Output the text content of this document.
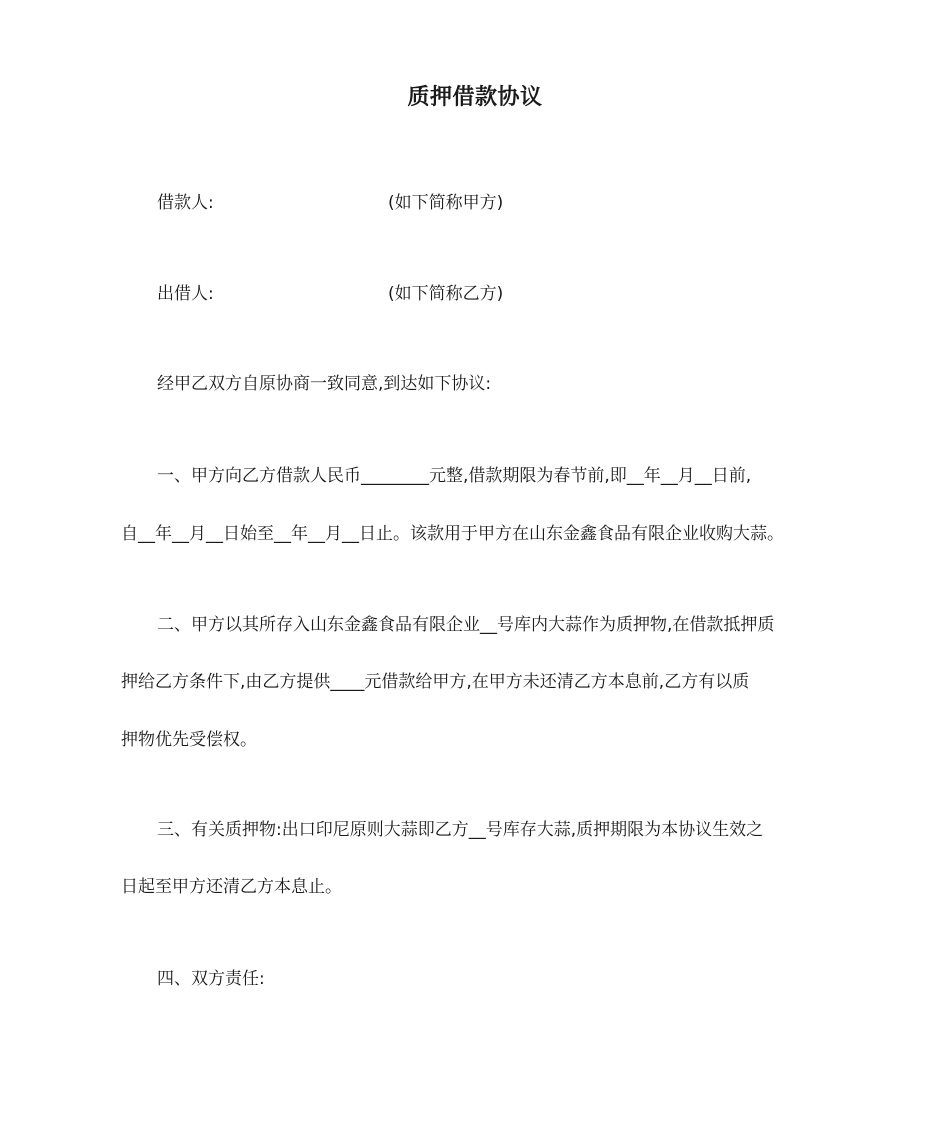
质押借款协议
借款人:	(如下简称甲方)
出借人:	(如下简称乙方)
经甲乙双方自原协商一致同意,到达如下协议:
一、甲方向乙方借款人民币________元整,借款期限为春节前,即__年__月__日前,
自__年__月__日始至__年__月__日止。该款用于甲方在山东金鑫食品有限企业收购大蒜。
二、甲方以其所存入山东金鑫食品有限企业__号库内大蒜作为质押物,在借款抵押质
押给乙方条件下,由乙方提供____元借款给甲方,在甲方未还清乙方本息前,乙方有以质
押物优先受偿权。
三、有关质押物:出口印尼原则大蒜即乙方__号库存大蒜,质押期限为本协议生效之
日起至甲方还清乙方本息止。
四、双方责任:
